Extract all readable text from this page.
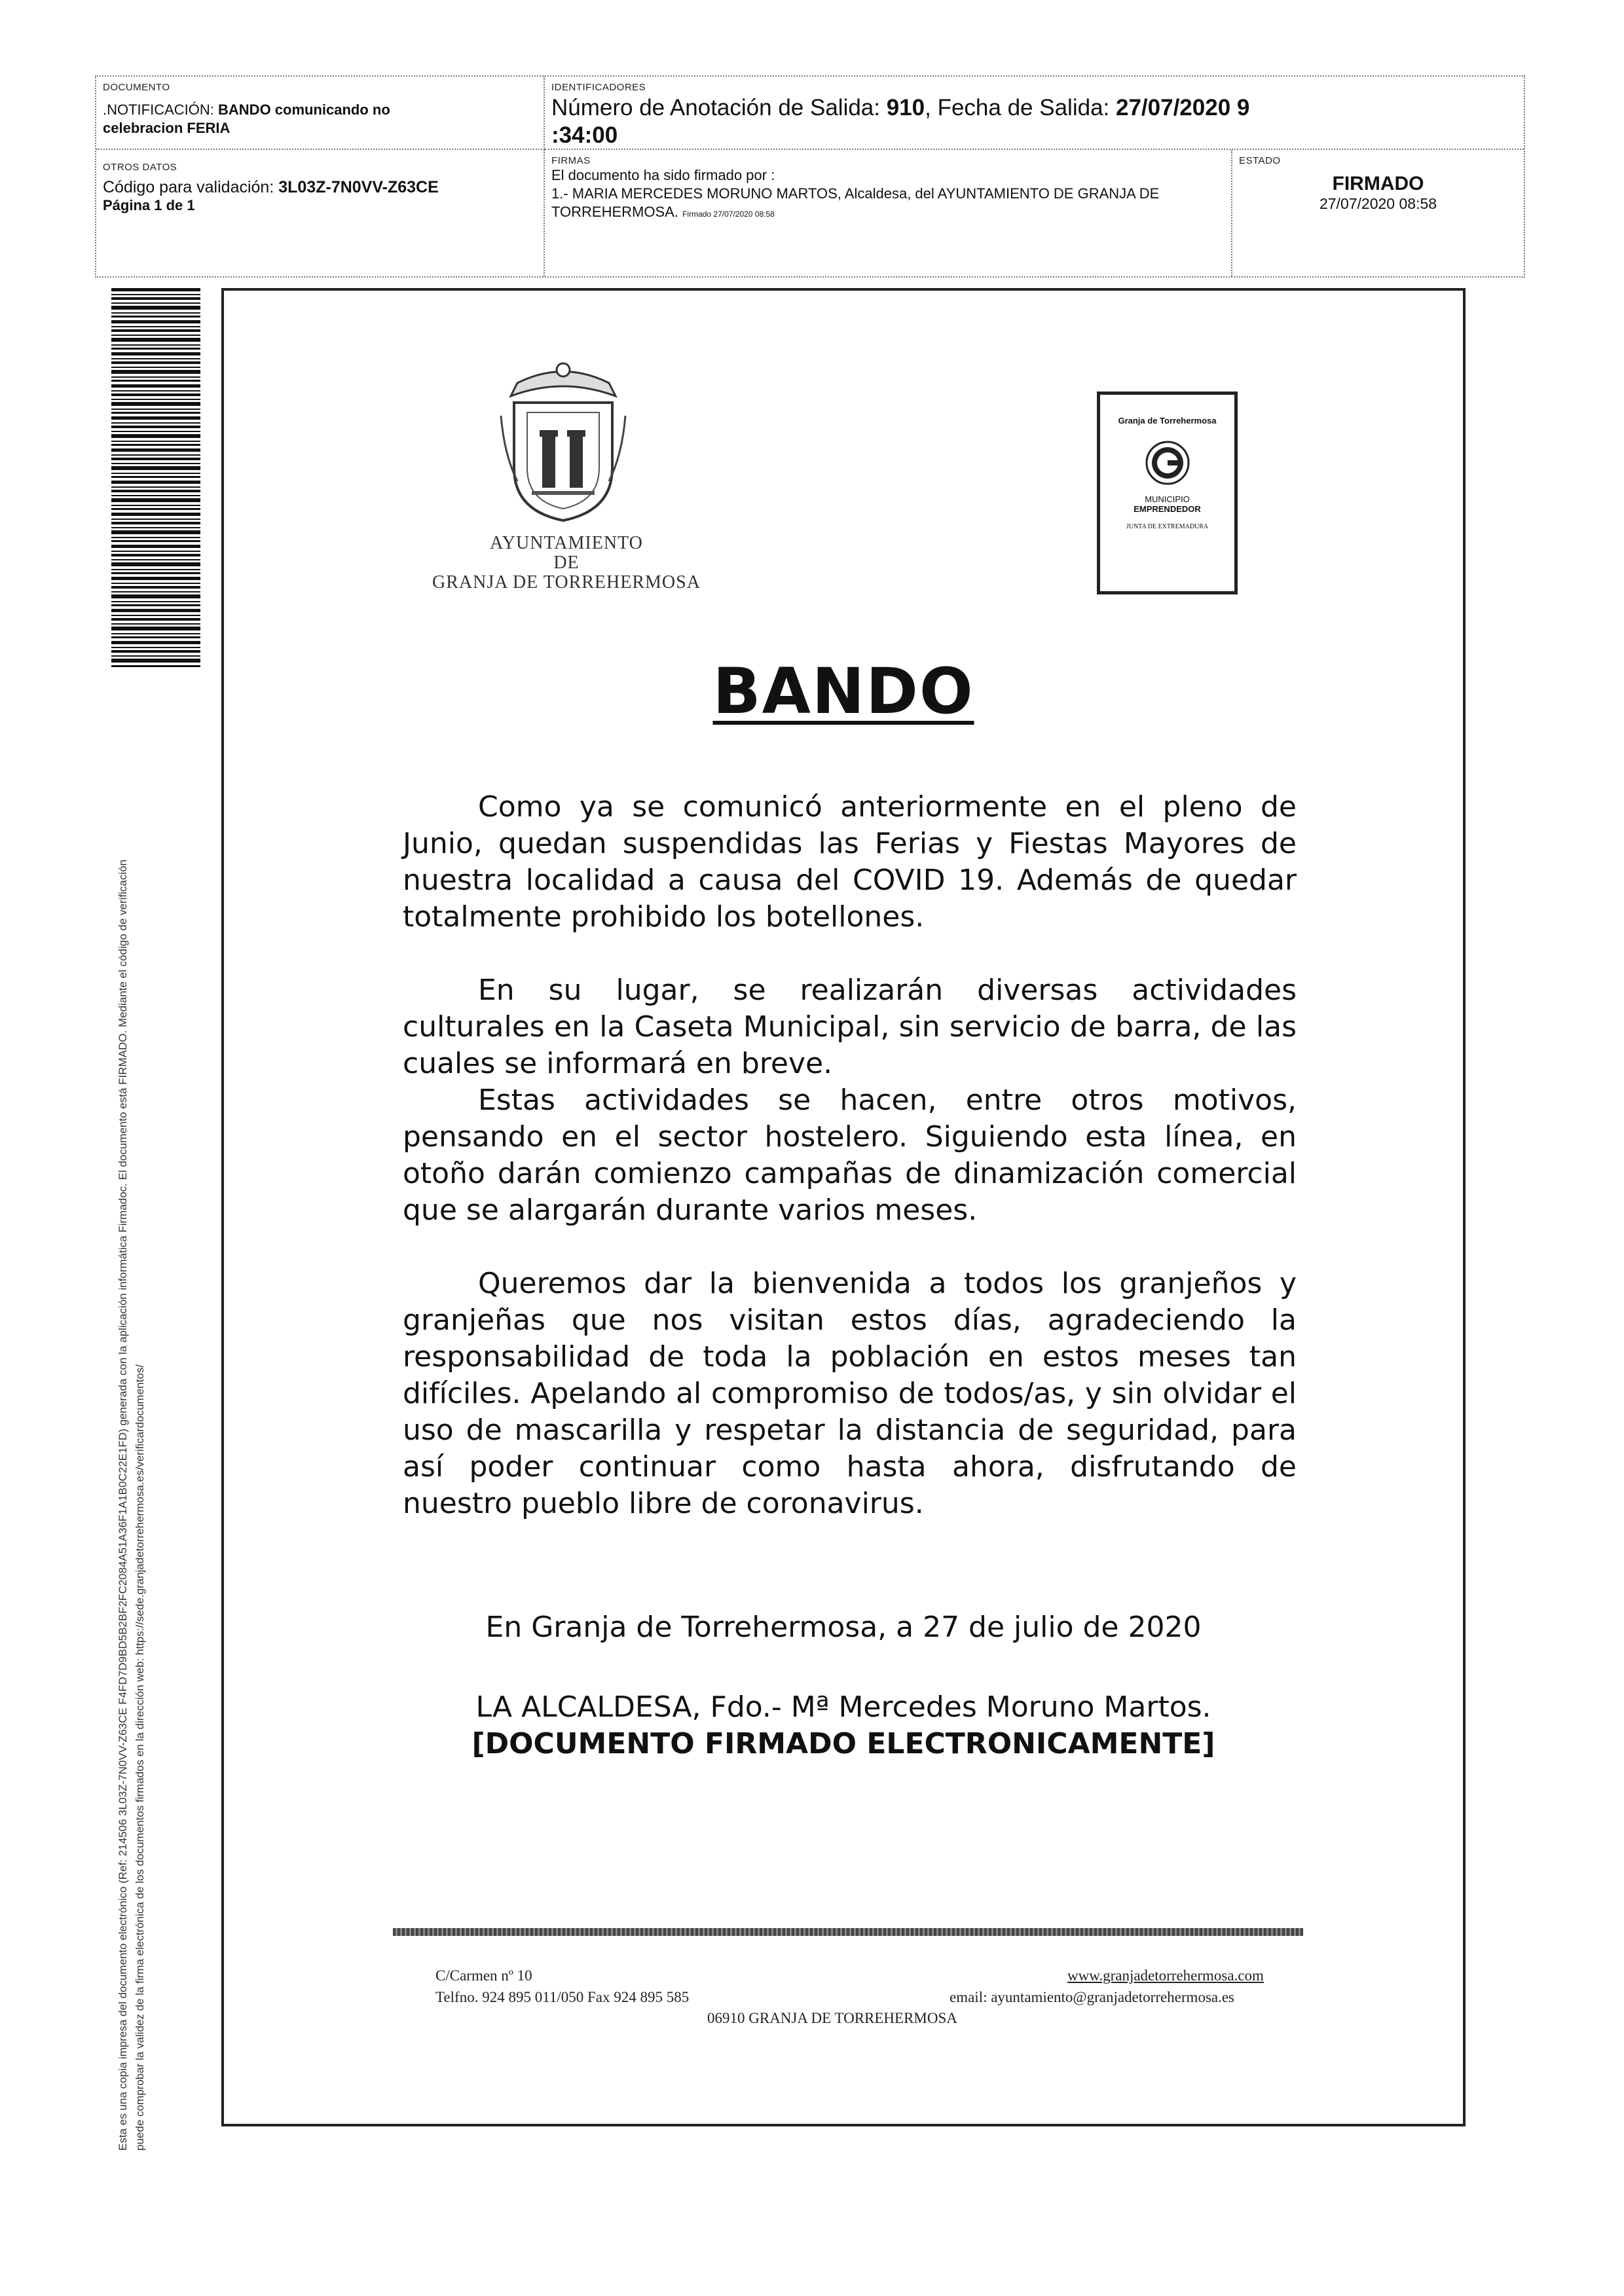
DOCUMENTO
.NOTIFICACIÓN: BANDO comunicando no celebracion FERIA
IDENTIFICADORES
Número de Anotación de Salida: 910, Fecha de Salida: 27/07/2020 9
:34:00
OTROS DATOS
Código para validación: 3L03Z-7N0VV-Z63CE
Página 1 de 1
FIRMAS
El documento ha sido firmado por :
1.- MARIA MERCEDES MORUNO MARTOS, Alcaldesa, del AYUNTAMIENTO DE GRANJA DE
TORREHERMOSA. Firmado 27/07/2020 08:58
ESTADO
FIRMADO
27/07/2020 08:58
Esta es una copia impresa del documento electrónico (Ref: 214506 3L03Z-7N0VV-Z63CE F4FD7D9BD5B2BF2FC2084A51A36F1A1B0C22E1FD) generada con la aplicación informática Firmadoc. El documento está FIRMADO. Mediante el código de verificación puede comprobar la validez de la firma electrónica de los documentos firmados en la dirección web: https://sede.granjadetorrehermosa.es/verificardocumentos/
AYUNTAMIENTO
DE
GRANJA DE TORREHERMOSA
Granja de Torrehermosa
MUNICIPIO
EMPRENDEDOR
JUNTA DE EXTREMADURA
BANDO

Como ya se comunicó anteriormente en el pleno de Junio, quedan suspendidas las Ferias y Fiestas Mayores de nuestra localidad a causa del COVID 19. Además de quedar totalmente prohibido los botellones.

En su lugar, se realizarán diversas actividades culturales en la Caseta Municipal, sin servicio de barra, de las cuales se informará en breve.

Estas actividades se hacen, entre otros motivos, pensando en el sector hostelero. Siguiendo esta línea, en otoño darán comienzo campañas de dinamización comercial que se alargarán durante varios meses.

Queremos dar la bienvenida a todos los granjeños y granjeñas que nos visitan estos días, agradeciendo la responsabilidad de toda la población en estos meses tan difíciles. Apelando al compromiso de todos/as, y sin olvidar el uso de mascarilla y respetar la distancia de seguridad, para así poder continuar como hasta ahora, disfrutando de nuestro pueblo libre de coronavirus.

En Granja de Torrehermosa, a 27 de julio de 2020
LA ALCALDESA, Fdo.- Mª Mercedes Moruno Martos.
[DOCUMENTO FIRMADO ELECTRONICAMENTE]
C/Carmen nº 10
Telfno. 924 895 011/050 Fax 924 895 585
www.granjadetorrehermosa.com
email: ayuntamiento@granjadetorrehermosa.es
06910 GRANJA DE TORREHERMOSA
